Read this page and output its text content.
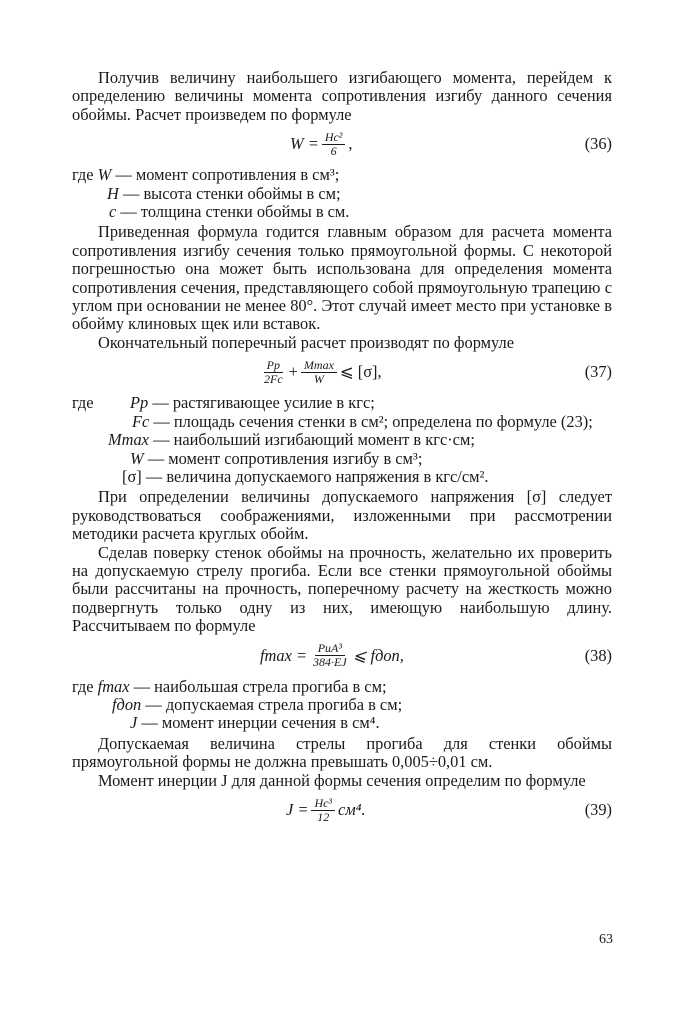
Получив величину наибольшего изгибающего момента, перейдем к определению величины момента сопротивления изгибу данного сечения обоймы. Расчет произведем по формуле

$W = \frac{\text{Hc²}}{6}$ ,	(36)
где W — момент сопротивления в см³;
H — высота стенки обоймы в см;
c — толщина стенки обоймы в см.

Приведенная формула годится главным образом для расчета момента сопротивления изгибу сечения только прямоугольной формы. С некоторой погрешностью она может быть использована для определения момента сопротивления сечения, представляющего собой прямоугольную трапецию с углом при основании не менее 80°. Этот случай имеет место при установке в обойму клиновых щек или вставок.

Окончательный поперечный расчет производят по формуле

$\frac{Pp}{2Fc} + \frac{Mmax}{W}$ ⩽ [σ],	(37)
где Pp — растягивающее усилие в кгс;
Fc — площадь сечения стенки в см²; определена по формуле (23);
Mmax — наибольший изгибающий момент в кгс·см;
W — момент сопротивления изгибу в см³;
[σ] — величина допускаемого напряжения в кгс/см².

При определении величины допускаемого напряжения [σ] следует руководствоваться соображениями, изложенными при рассмотрении методики расчета круглых обойм.

Сделав поверку стенок обоймы на прочность, желательно их проверить на допускаемую стрелу прогиба. Если все стенки прямоугольной обоймы были рассчитаны на прочность, поперечному расчету на жесткость можно подвергнуть только одну из них, имеющую наибольшую длину. Рассчитываем по формуле

$fmax = \frac{\text{PuA³}}{384\cdot EJ}$ ⩽ fдоп,	(38)
где fmax — наибольшая стрела прогиба в см;
fдоп — допускаемая стрела прогиба в см;
J — момент инерции сечения в см⁴.

Допускаемая величина стрелы прогиба для стенки обоймы прямоугольной формы не должна превышать 0,005÷0,01 см.

Момент инерции J для данной формы сечения определим по формуле

$J = \frac{\text{Hc³}}{12} см^4$.	(39)
63
